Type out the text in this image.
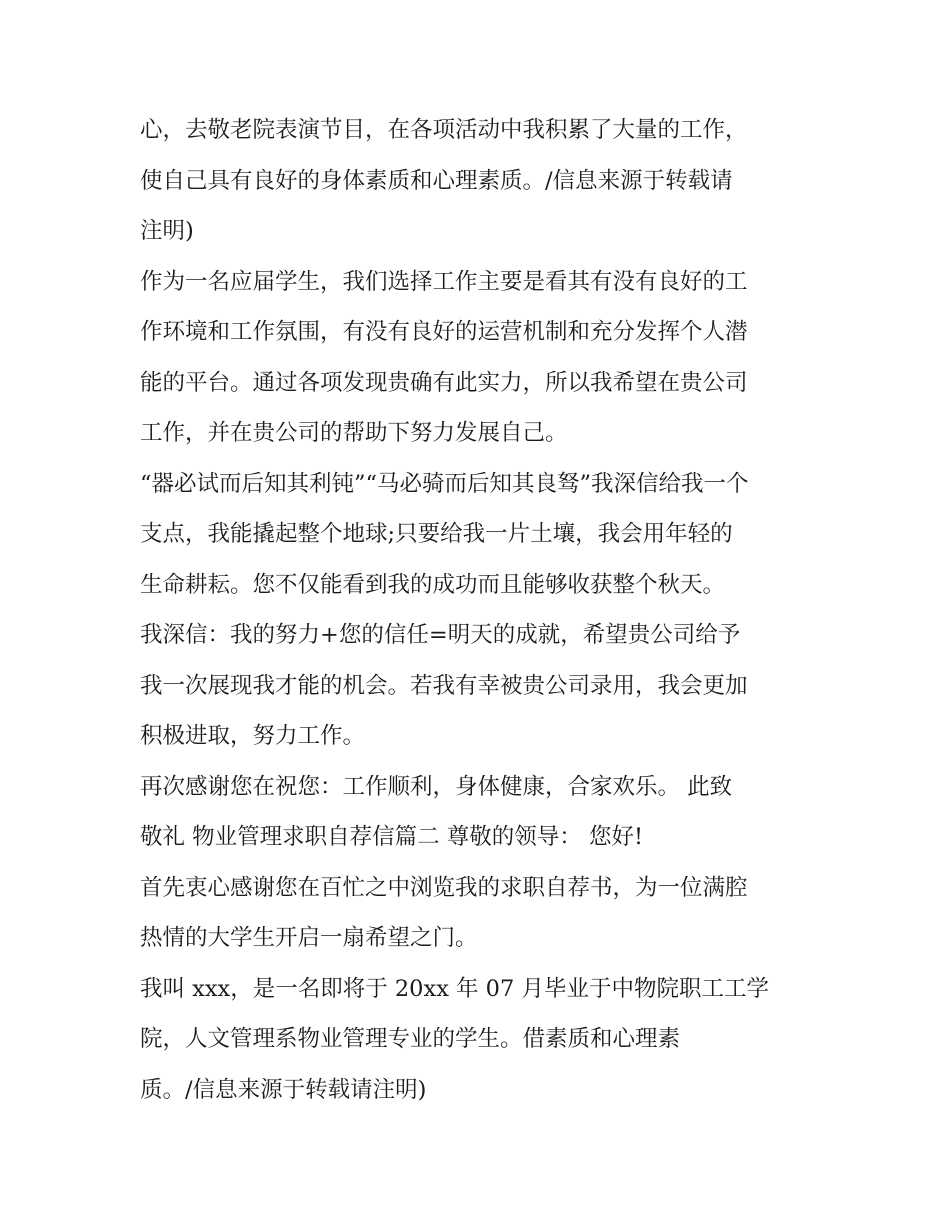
心，去敬老院表演节目，在各项活动中我积累了大量的工作，
使自己具有良好的身体素质和心理素质。/信息来源于转载请
注明)
作为一名应届学生，我们选择工作主要是看其有没有良好的工
作环境和工作氛围，有没有良好的运营机制和充分发挥个人潜
能的平台。通过各项发现贵确有此实力，所以我希望在贵公司
工作，并在贵公司的帮助下努力发展自己。
“器必试而后知其利钝”“马必骑而后知其良驽”我深信给我一个
支点，我能撬起整个地球;只要给我一片土壤，我会用年轻的
生命耕耘。您不仅能看到我的成功而且能够收获整个秋天。
我深信：我的努力+您的信任=明天的成就，希望贵公司给予
我一次展现我才能的机会。若我有幸被贵公司录用，我会更加
积极进取，努力工作。
再次感谢您在祝您：工作顺利，身体健康，合家欢乐。 此致
敬礼 物业管理求职自荐信篇二 尊敬的领导： 您好!
首先衷心感谢您在百忙之中浏览我的求职自荐书，为一位满腔
热情的大学生开启一扇希望之门。
我叫 xxx，是一名即将于 20xx 年 07 月毕业于中物院职工工学
院，人文管理系物业管理专业的学生。借素质和心理素
质。/信息来源于转载请注明)
